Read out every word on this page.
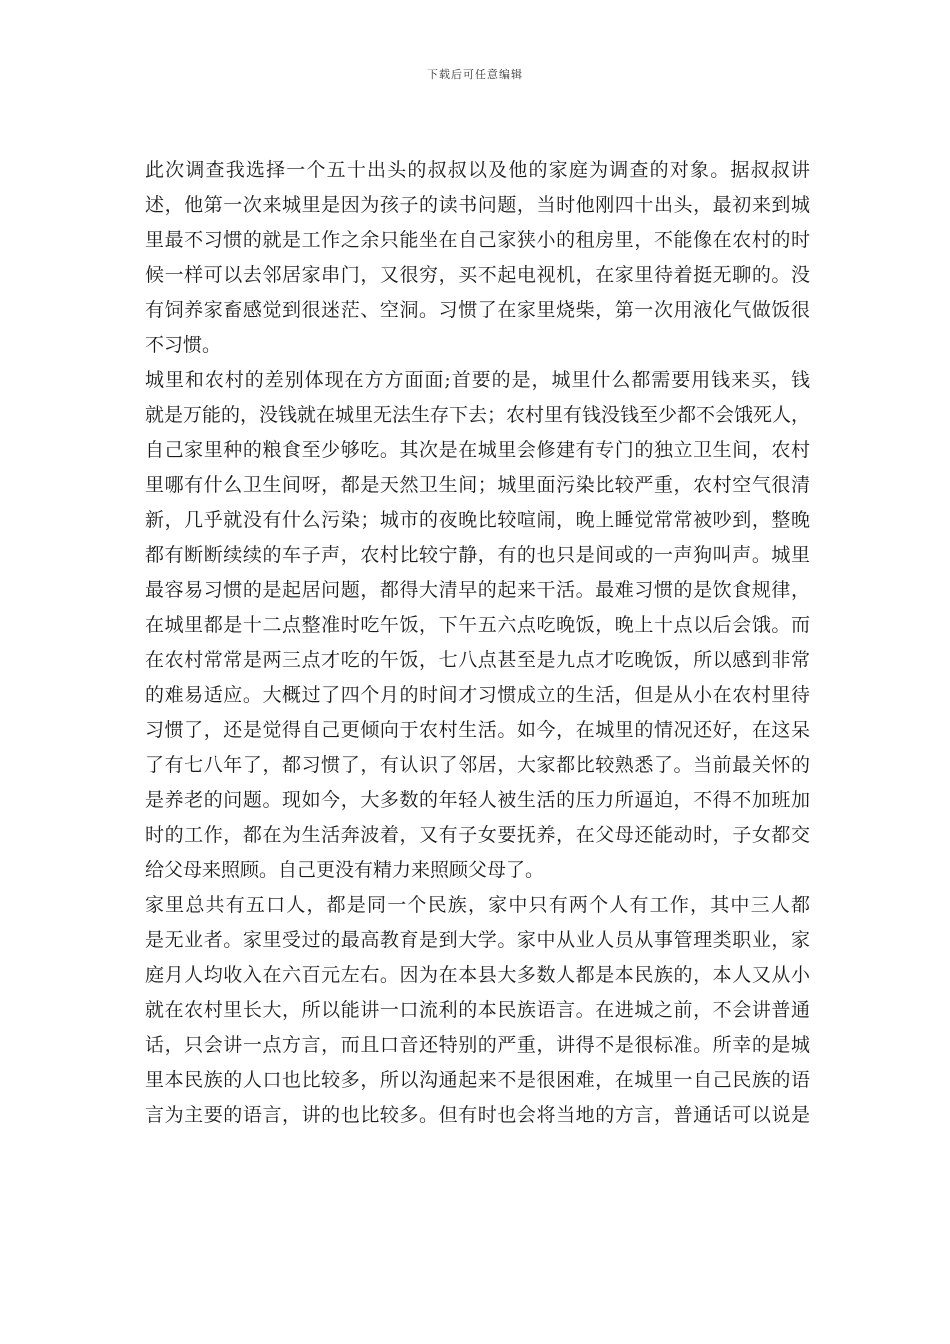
下载后可任意编辑
此次调查我选择一个五十出头的叔叔以及他的家庭为调查的对象。据叔叔讲
述，他第一次来城里是因为孩子的读书问题，当时他刚四十出头，最初来到城
里最不习惯的就是工作之余只能坐在自己家狭小的租房里，不能像在农村的时
候一样可以去邻居家串门，又很穷，买不起电视机，在家里待着挺无聊的。没
有饲养家畜感觉到很迷茫、空洞。习惯了在家里烧柴，第一次用液化气做饭很
不习惯。
城里和农村的差别体现在方方面面;首要的是，城里什么都需要用钱来买，钱
就是万能的，没钱就在城里无法生存下去；农村里有钱没钱至少都不会饿死人，
自己家里种的粮食至少够吃。其次是在城里会修建有专门的独立卫生间，农村
里哪有什么卫生间呀，都是天然卫生间；城里面污染比较严重，农村空气很清
新，几乎就没有什么污染；城市的夜晚比较喧闹，晚上睡觉常常被吵到，整晚
都有断断续续的车子声，农村比较宁静，有的也只是间或的一声狗叫声。城里
最容易习惯的是起居问题，都得大清早的起来干活。最难习惯的是饮食规律，
在城里都是十二点整准时吃午饭，下午五六点吃晚饭，晚上十点以后会饿。而
在农村常常是两三点才吃的午饭，七八点甚至是九点才吃晚饭，所以感到非常
的难易适应。大概过了四个月的时间才习惯成立的生活，但是从小在农村里待
习惯了，还是觉得自己更倾向于农村生活。如今，在城里的情况还好，在这呆
了有七八年了，都习惯了，有认识了邻居，大家都比较熟悉了。当前最关怀的
是养老的问题。现如今，大多数的年轻人被生活的压力所逼迫，不得不加班加
时的工作，都在为生活奔波着，又有子女要抚养，在父母还能动时，子女都交
给父母来照顾。自己更没有精力来照顾父母了。
家里总共有五口人，都是同一个民族，家中只有两个人有工作，其中三人都
是无业者。家里受过的最高教育是到大学。家中从业人员从事管理类职业，家
庭月人均收入在六百元左右。因为在本县大多数人都是本民族的，本人又从小
就在农村里长大，所以能讲一口流利的本民族语言。在进城之前，不会讲普通
话，只会讲一点方言，而且口音还特别的严重，讲得不是很标准。所幸的是城
里本民族的人口也比较多，所以沟通起来不是很困难，在城里一自己民族的语
言为主要的语言，讲的也比较多。但有时也会将当地的方言，普通话可以说是
